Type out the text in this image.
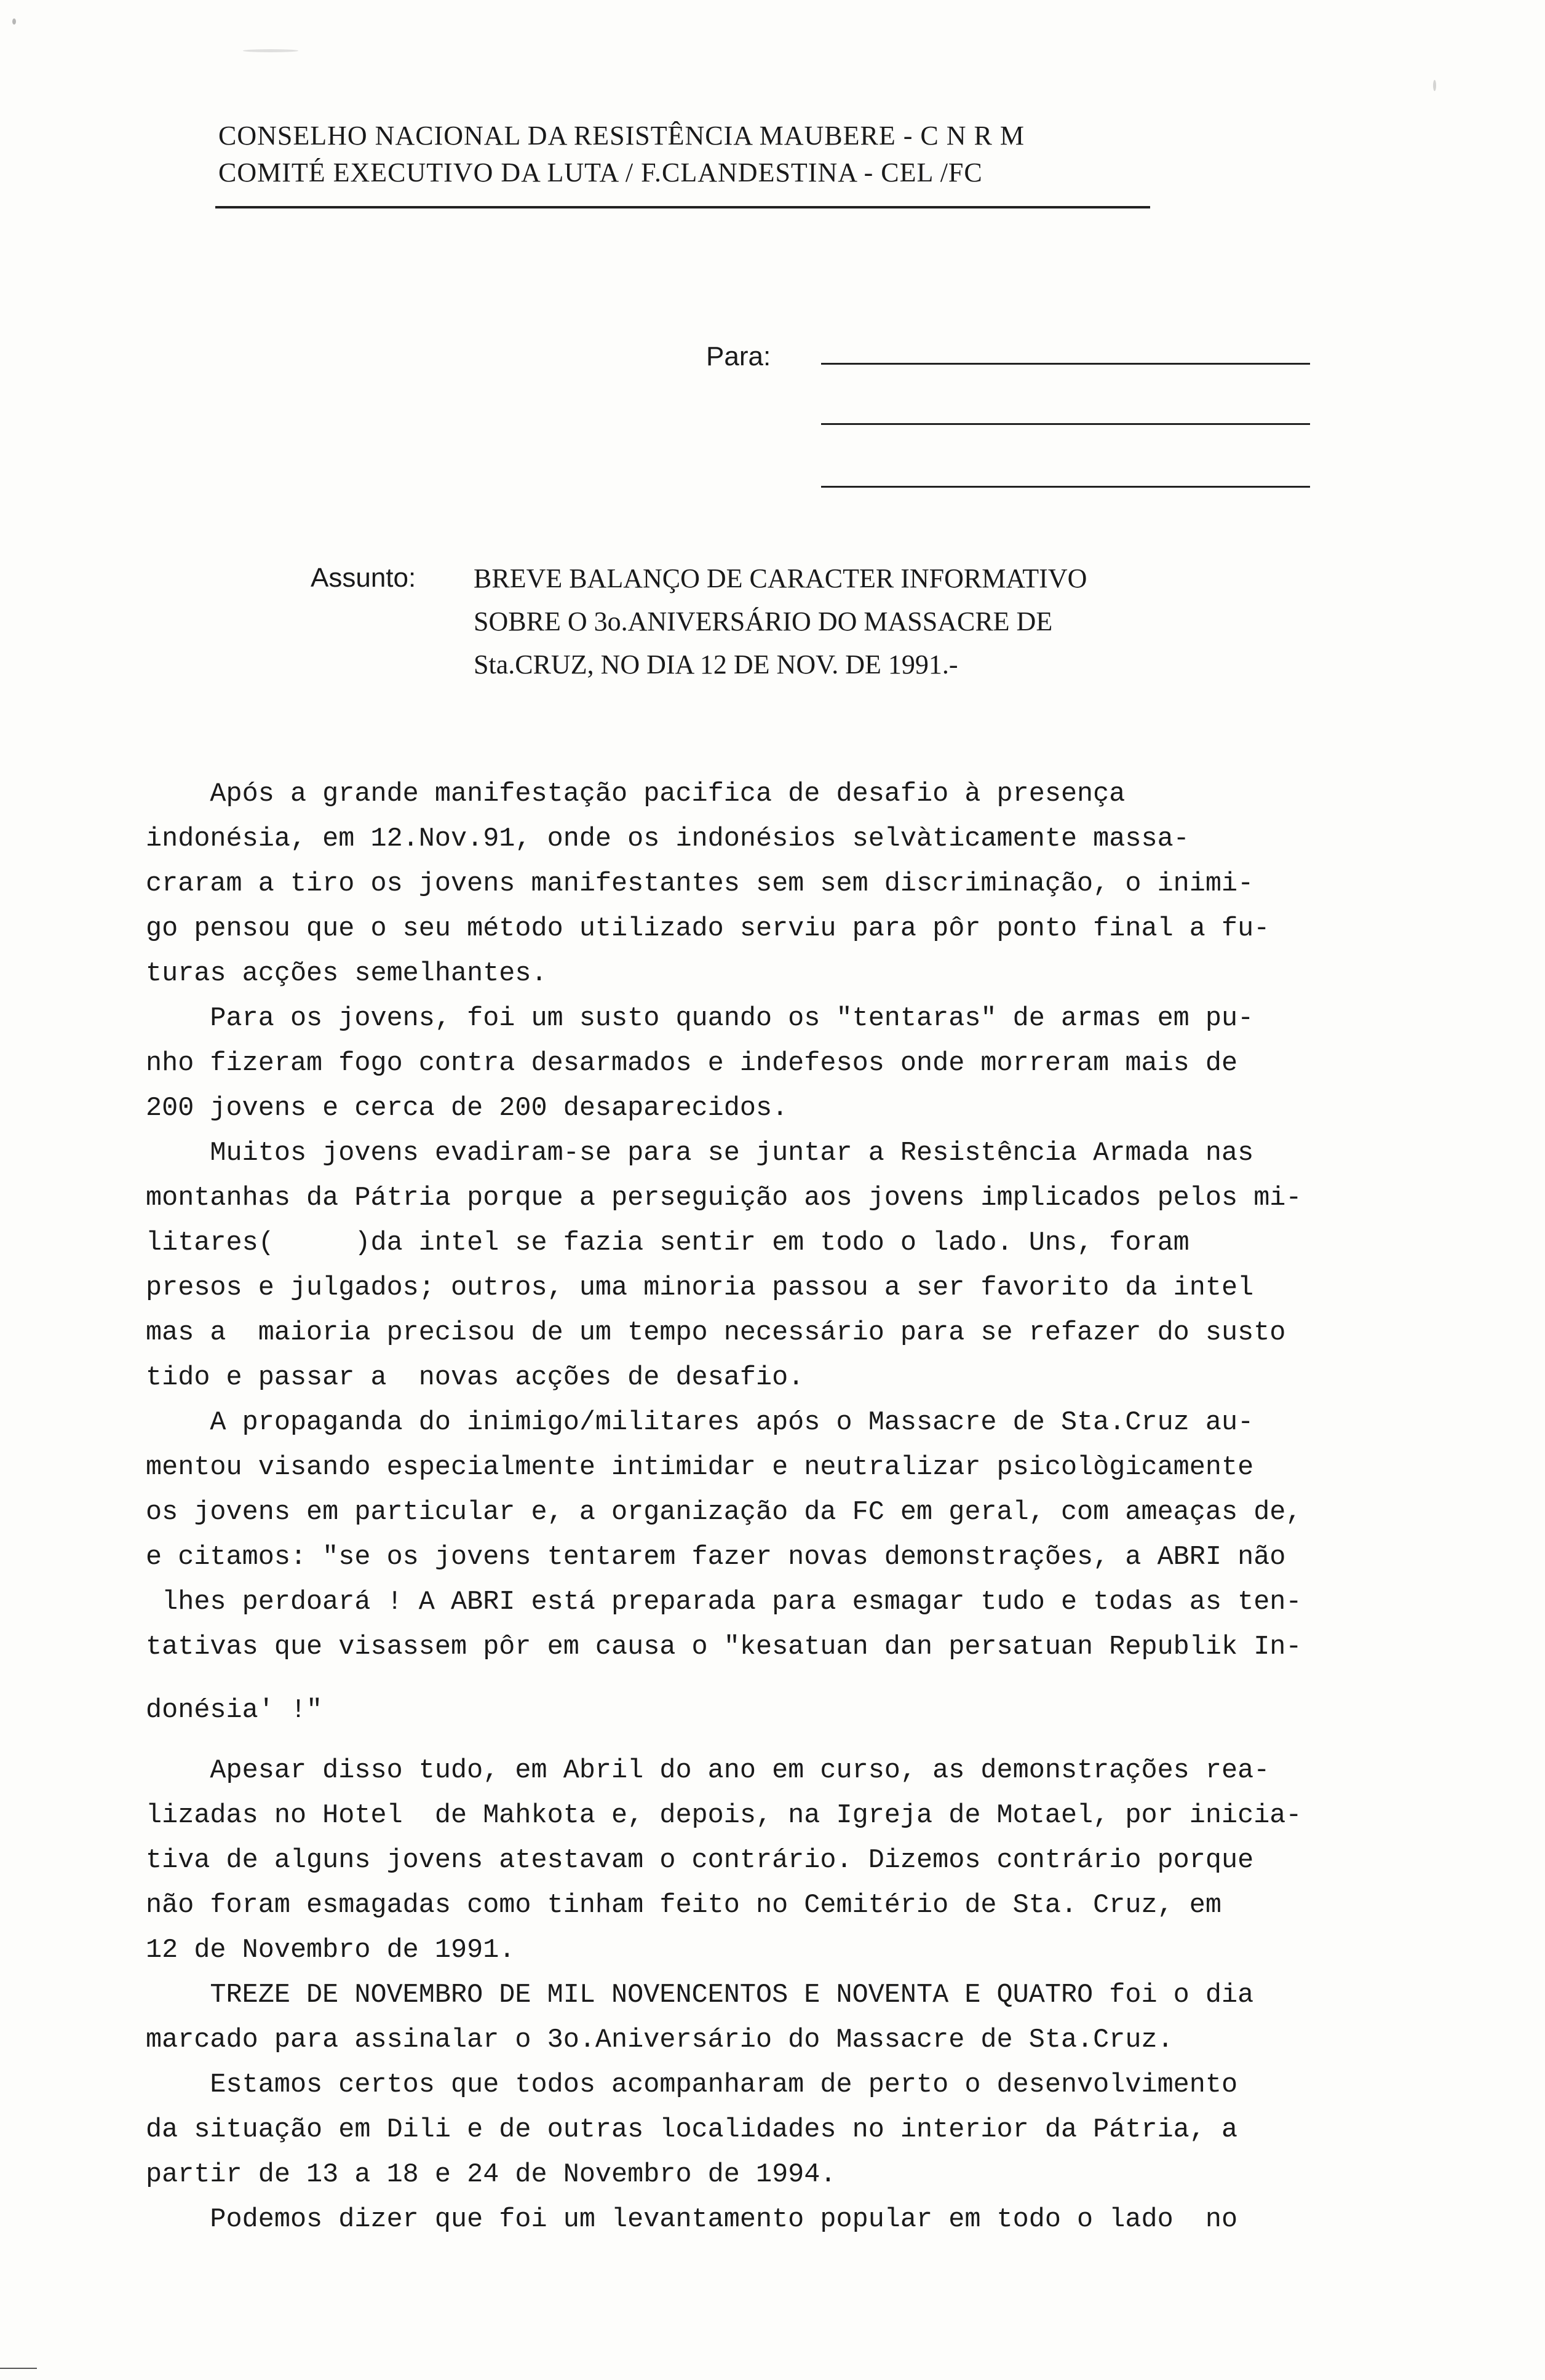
CONSELHO NACIONAL DA RESISTÊNCIA MAUBERE - C N R M
COMITÉ EXECUTIVO DA LUTA / F.CLANDESTINA - CEL /FC
Para:
Assunto: BREVE BALANÇO DE CARACTER INFORMATIVO
SOBRE O 3o.ANIVERSÁRIO DO MASSACRE DE
Sta.CRUZ, NO DIA 12 DE NOV. DE 1991.-
Após a grande manifestação pacifica de desafio à presença
indonésia, em 12.Nov.91, onde os indonésios selvàticamente massa-
craram a tiro os jovens manifestantes sem sem discriminação, o inimi-
go pensou que o seu método utilizado serviu para pôr ponto final a fu-
turas acções semelhantes.
Para os jovens, foi um susto quando os "tentaras" de armas em pu-
nho fizeram fogo contra desarmados e indefesos onde morreram mais de
200 jovens e cerca de 200 desaparecidos.
Muitos jovens evadiram-se para se juntar a Resistência Armada nas
montanhas da Pátria porque a perseguição aos jovens implicados pelos mi-
litares(     )da intel se fazia sentir em todo o lado. Uns, foram
presos e julgados; outros, uma minoria passou a ser favorito da intel
mas a  maioria precisou de um tempo necessário para se refazer do susto
tido e passar a  novas acções de desafio.
A propaganda do inimigo/militares após o Massacre de Sta.Cruz au-
mentou visando especialmente intimidar e neutralizar psicològicamente
os jovens em particular e, a organização da FC em geral, com ameaças de,
e citamos: "se os jovens tentarem fazer novas demonstrações, a ABRI não
lhes perdoará ! A ABRI está preparada para esmagar tudo e todas as ten-
tativas que visassem pôr em causa o "kesatuan dan persatuan Republik In-
donésia' !"
Apesar disso tudo, em Abril do ano em curso, as demonstrações rea-
lizadas no Hotel  de Mahkota e, depois, na Igreja de Motael, por inicia-
tiva de alguns jovens atestavam o contrário. Dizemos contrário porque
não foram esmagadas como tinham feito no Cemitério de Sta. Cruz, em
12 de Novembro de 1991.
TREZE DE NOVEMBRO DE MIL NOVENCENTOS E NOVENTA E QUATRO foi o dia
marcado para assinalar o 3o.Aniversário do Massacre de Sta.Cruz.
Estamos certos que todos acompanharam de perto o desenvolvimento
da situação em Dili e de outras localidades no interior da Pátria, a
partir de 13 a 18 e 24 de Novembro de 1994.
Podemos dizer que foi um levantamento popular em todo o lado  no
